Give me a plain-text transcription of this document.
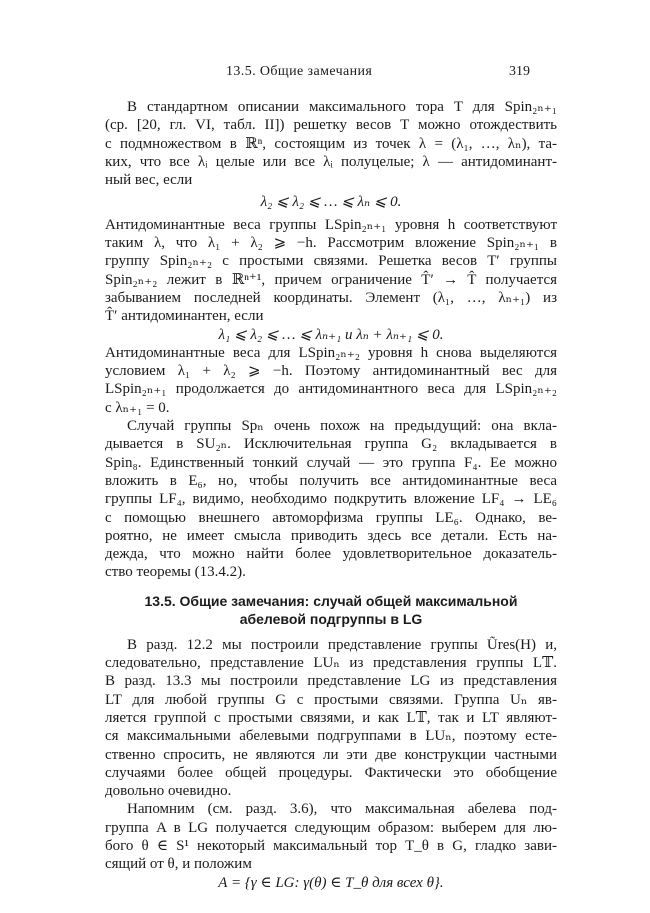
13.5. Общие замечания	319
В стандартном описании максимального тора T для Spin₂ₙ₊₁
(ср. [20, гл. VI, табл. II]) решетку весов T можно отождествить
с подмножеством в ℝⁿ, состоящим из точек λ = (λ₁, …, λₙ), та-
ких, что все λᵢ целые или все λᵢ полуцелые; λ — антидоминант-
ный вес, если
λ₂ ⩽ λ₂ ⩽ … ⩽ λₙ ⩽ 0.
Антидоминантные веса группы LSpin₂ₙ₊₁ уровня h соответствуют
таким λ, что λ₁ + λ₂ ⩾ −h. Рассмотрим вложение Spin₂ₙ₊₁ в
группу Spin₂ₙ₊₂ с простыми связями. Решетка весов T′ группы
Spin₂ₙ₊₂ лежит в ℝⁿ⁺¹, причем ограничение T̂′ → T̂ получается
забыванием последней координаты. Элемент (λ₁, …, λₙ₊₁) из
T̂′ антидоминантен, если
λ₁ ⩽ λ₂ ⩽ … ⩽ λₙ₊₁ и λₙ + λₙ₊₁ ⩽ 0.
Антидоминантные веса для LSpin₂ₙ₊₂ уровня h снова выделяются
условием λ₁ + λ₂ ⩾ −h. Поэтому антидоминантный вес для
LSpin₂ₙ₊₁ продолжается до антидоминантного веса для LSpin₂ₙ₊₂
с λₙ₊₁ = 0.
Случай группы Spₙ очень похож на предыдущий: она вкла-
дывается в SU₂ₙ. Исключительная группа G₂ вкладывается в
Spin₈. Единственный тонкий случай — это группа F₄. Ее можно
вложить в E₆, но, чтобы получить все антидоминантные веса
группы LF₄, видимо, необходимо подкрутить вложение LF₄ → LE₆
с помощью внешнего автоморфизма группы LE₆. Однако, ве-
роятно, не имеет смысла приводить здесь все детали. Есть на-
дежда, что можно найти более удовлетворительное доказатель-
ство теоремы (13.4.2).
13.5. Общие замечания: случай общей максимальной
абелевой подгруппы в LG
В разд. 12.2 мы построили представление группы Ũres(H) и,
следовательно, представление LUₙ из представления группы L𝕋.
В разд. 13.3 мы построили представление LG из представления
LT для любой группы G с простыми связями. Группа Uₙ яв-
ляется группой с простыми связями, и как L𝕋, так и LT являют-
ся максимальными абелевыми подгруппами в LUₙ, поэтому есте-
ственно спросить, не являются ли эти две конструкции частными
случаями более общей процедуры. Фактически это обобщение
довольно очевидно.
Напомним (см. разд. 3.6), что максимальная абелева под-
группа A в LG получается следующим образом: выберем для лю-
бого θ ∈ S¹ некоторый максимальный тор T_θ в G, гладко зави-
сящий от θ, и положим
A = {γ ∈ LG: γ(θ) ∈ T_θ для всех θ}.
